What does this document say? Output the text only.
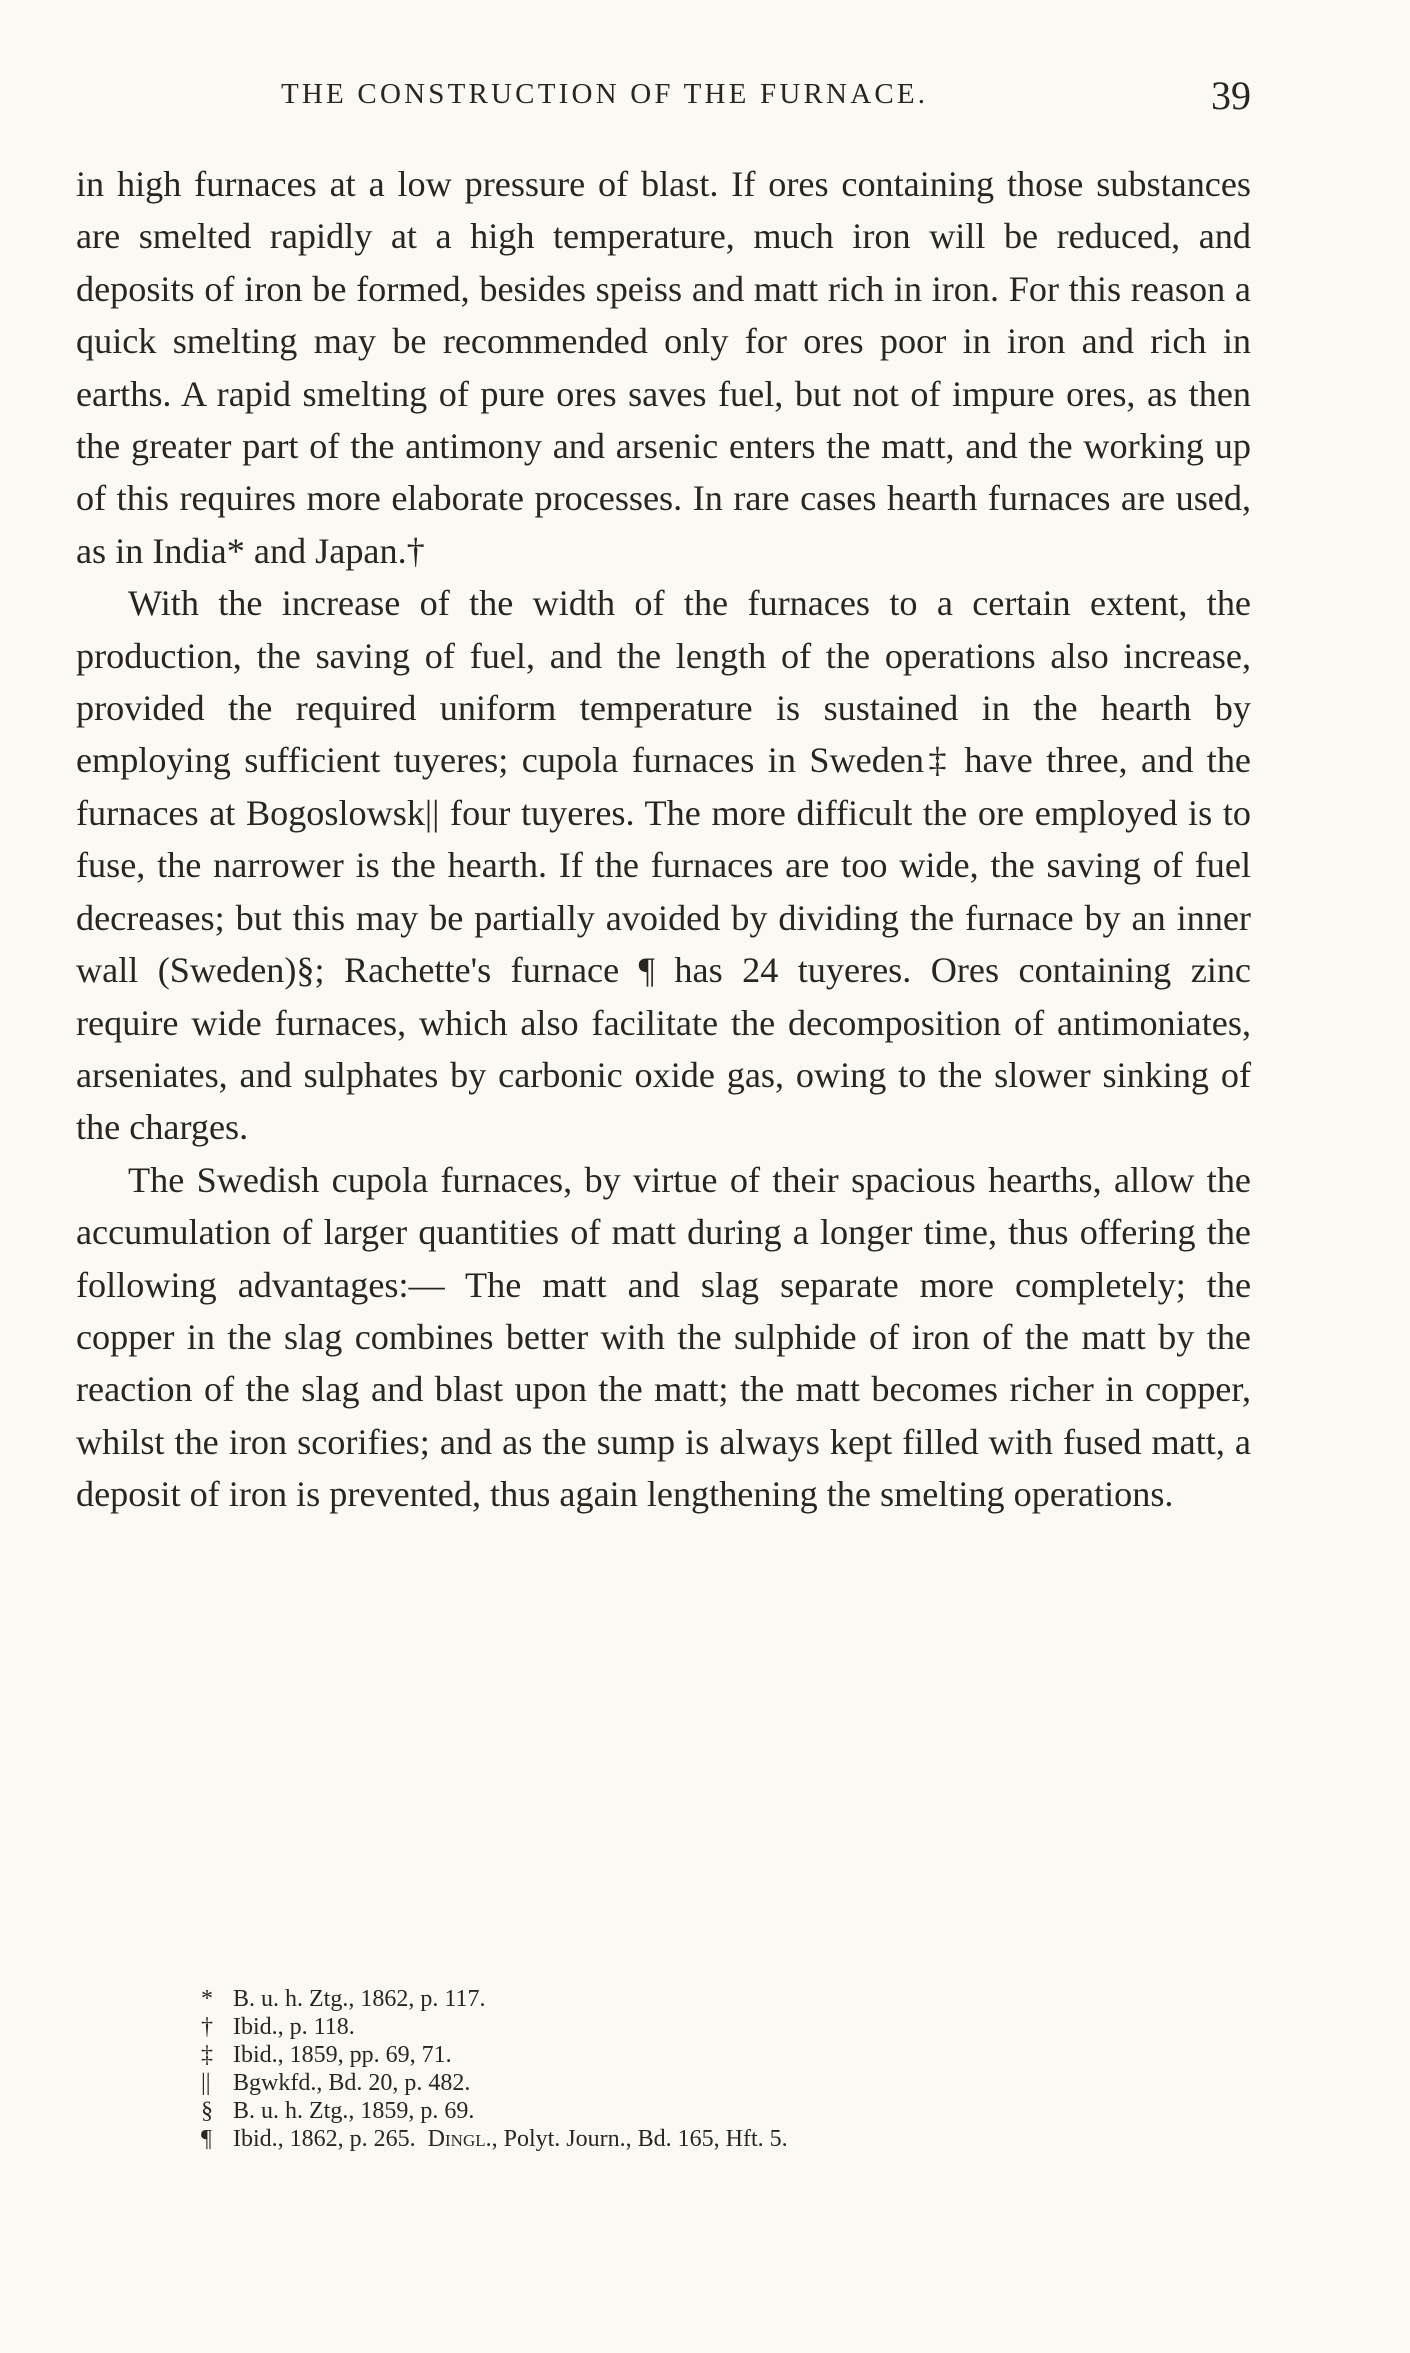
THE CONSTRUCTION OF THE FURNACE.	39

in high furnaces at a low pressure of blast. If ores containing those substances are smelted rapidly at a high temperature, much iron will be reduced, and deposits of iron be formed, besides speiss and matt rich in iron. For this reason a quick smelting may be recommended only for ores poor in iron and rich in earths. A rapid smelting of pure ores saves fuel, but not of impure ores, as then the greater part of the antimony and arsenic enters the matt, and the working up of this requires more elaborate processes. In rare cases hearth furnaces are used, as in India* and Japan.†

With the increase of the width of the furnaces to a certain extent, the production, the saving of fuel, and the length of the operations also increase, provided the required uniform temperature is sustained in the hearth by employing sufficient tuyeres; cupola furnaces in Sweden‡ have three, and the furnaces at Bogoslowsk|| four tuyeres. The more difficult the ore employed is to fuse, the narrower is the hearth. If the furnaces are too wide, the saving of fuel decreases; but this may be partially avoided by dividing the furnace by an inner wall (Sweden)§; Rachette's furnace ¶ has 24 tuyeres. Ores containing zinc require wide furnaces, which also facilitate the decomposition of antimoniates, arseniates, and sulphates by carbonic oxide gas, owing to the slower sinking of the charges.

The Swedish cupola furnaces, by virtue of their spacious hearths, allow the accumulation of larger quantities of matt during a longer time, thus offering the following advantages:— The matt and slag separate more completely; the copper in the slag combines better with the sulphide of iron of the matt by the reaction of the slag and blast upon the matt; the matt becomes richer in copper, whilst the iron scorifies; and as the sump is always kept filled with fused matt, a deposit of iron is prevented, thus again lengthening the smelting operations.

* B. u. h. Ztg., 1862, p. 117.
† Ibid., p. 118.
‡ Ibid., 1859, pp. 69, 71.
|| Bgwkfd., Bd. 20, p. 482.
§ B. u. h. Ztg., 1859, p. 69.
¶ Ibid., 1862, p. 265. Dingl., Polyt. Journ., Bd. 165, Hft. 5.
